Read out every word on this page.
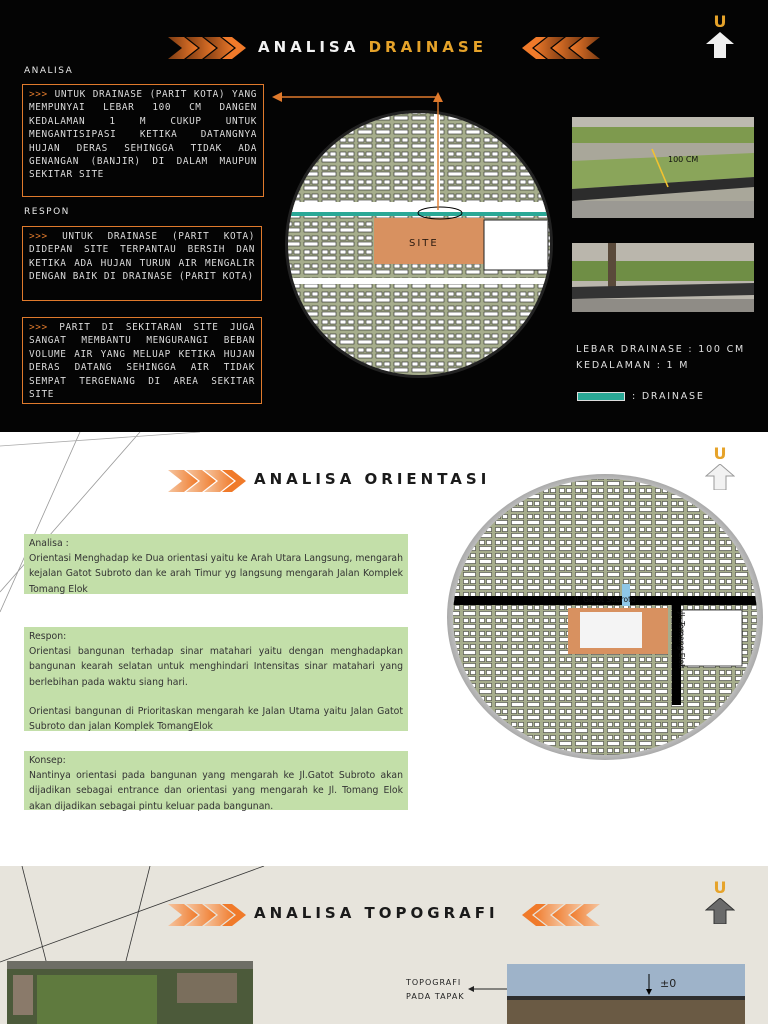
ANALISA DRAINASE
U
ANALISA
>>> UNTUK DRAINASE (PARIT KOTA) YANG MEMPUNYAI LEBAR 100 CM DANGEN KEDALAMAN 1 M CUKUP UNTUK MENGANTISIPASI KETIKA DATANGNYA HUJAN DERAS SEHINGGA TIDAK ADA GENANGAN (BANJIR) DI DALAM MAUPUN SEKITAR SITE
RESPON
>>> UNTUK DRAINASE (PARIT KOTA) DIDEPAN SITE TERPANTAU BERSIH DAN KETIKA ADA HUJAN TURUN AIR MENGALIR DENGAN BAIK DI DRAINASE (PARIT KOTA)
>>> PARIT DI SEKITARAN SITE JUGA SANGAT MEMBANTU MENGURANGI BEBAN VOLUME AIR YANG MELUAP KETIKA HUJAN DERAS DATANG SEHINGGA AIR TIDAK SEMPAT TERGENANG DI AREA SEKITAR SITE
SITE
100 CM
LEBAR DRAINASE : 100 CM
KEDALAMAN : 1 M
: DRAINASE
ANALISA ORIENTASI
U
Analisa :
Orientasi Menghadap ke Dua orientasi yaitu ke Arah Utara Langsung, mengarah kejalan Gatot Subroto dan ke arah Timur yg langsung mengarah Jalan Komplek Tomang Elok
Respon:

Orientasi bangunan terhadap sinar matahari yaitu dengan menghadapkan bangunan kearah selatan untuk menghindari Intensitas sinar matahari yang berlebihan pada waktu siang hari.

Orientasi bangunan di Prioritaskan mengarah ke Jalan Utama yaitu Jalan Gatot Subroto dan jalan Komplek TomangElok

Konsep:
Nantinya orientasi pada bangunan yang mengarah ke Jl.Gatot Subroto akan dijadikan sebagai entrance dan orientasi yang mengarah ke Jl. Tomang Elok akan dijadikan sebagai pintu keluar pada bangunan.
Jl. Gatot Subroto
Jl. Tomang Elok
ANALISA TOPOGRAFI
U
TOPOGRAFI
PADA TAPAK
±0
